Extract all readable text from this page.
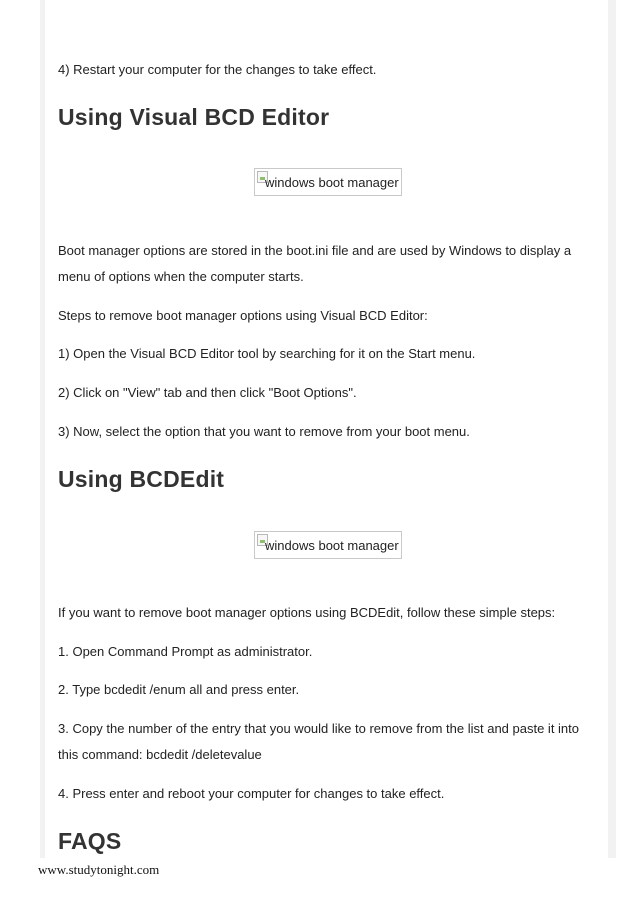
4) Restart your computer for the changes to take effect.

Using Visual BCD Editor
windows boot manager

Boot manager options are stored in the boot.ini file and are used by Windows to display a menu of options when the computer starts.

Steps to remove boot manager options using Visual BCD Editor:

1) Open the Visual BCD Editor tool by searching for it on the Start menu.

2) Click on "View" tab and then click "Boot Options".

3) Now, select the option that you want to remove from your boot menu.

Using BCDEdit
windows boot manager

If you want to remove boot manager options using BCDEdit, follow these simple steps:

1. Open Command Prompt as administrator.

2. Type bcdedit /enum all and press enter.

3. Copy the number of the entry that you would like to remove from the list and paste it into this command: bcdedit /deletevalue

4. Press enter and reboot your computer for changes to take effect.

FAQS
www.studytonight.com
